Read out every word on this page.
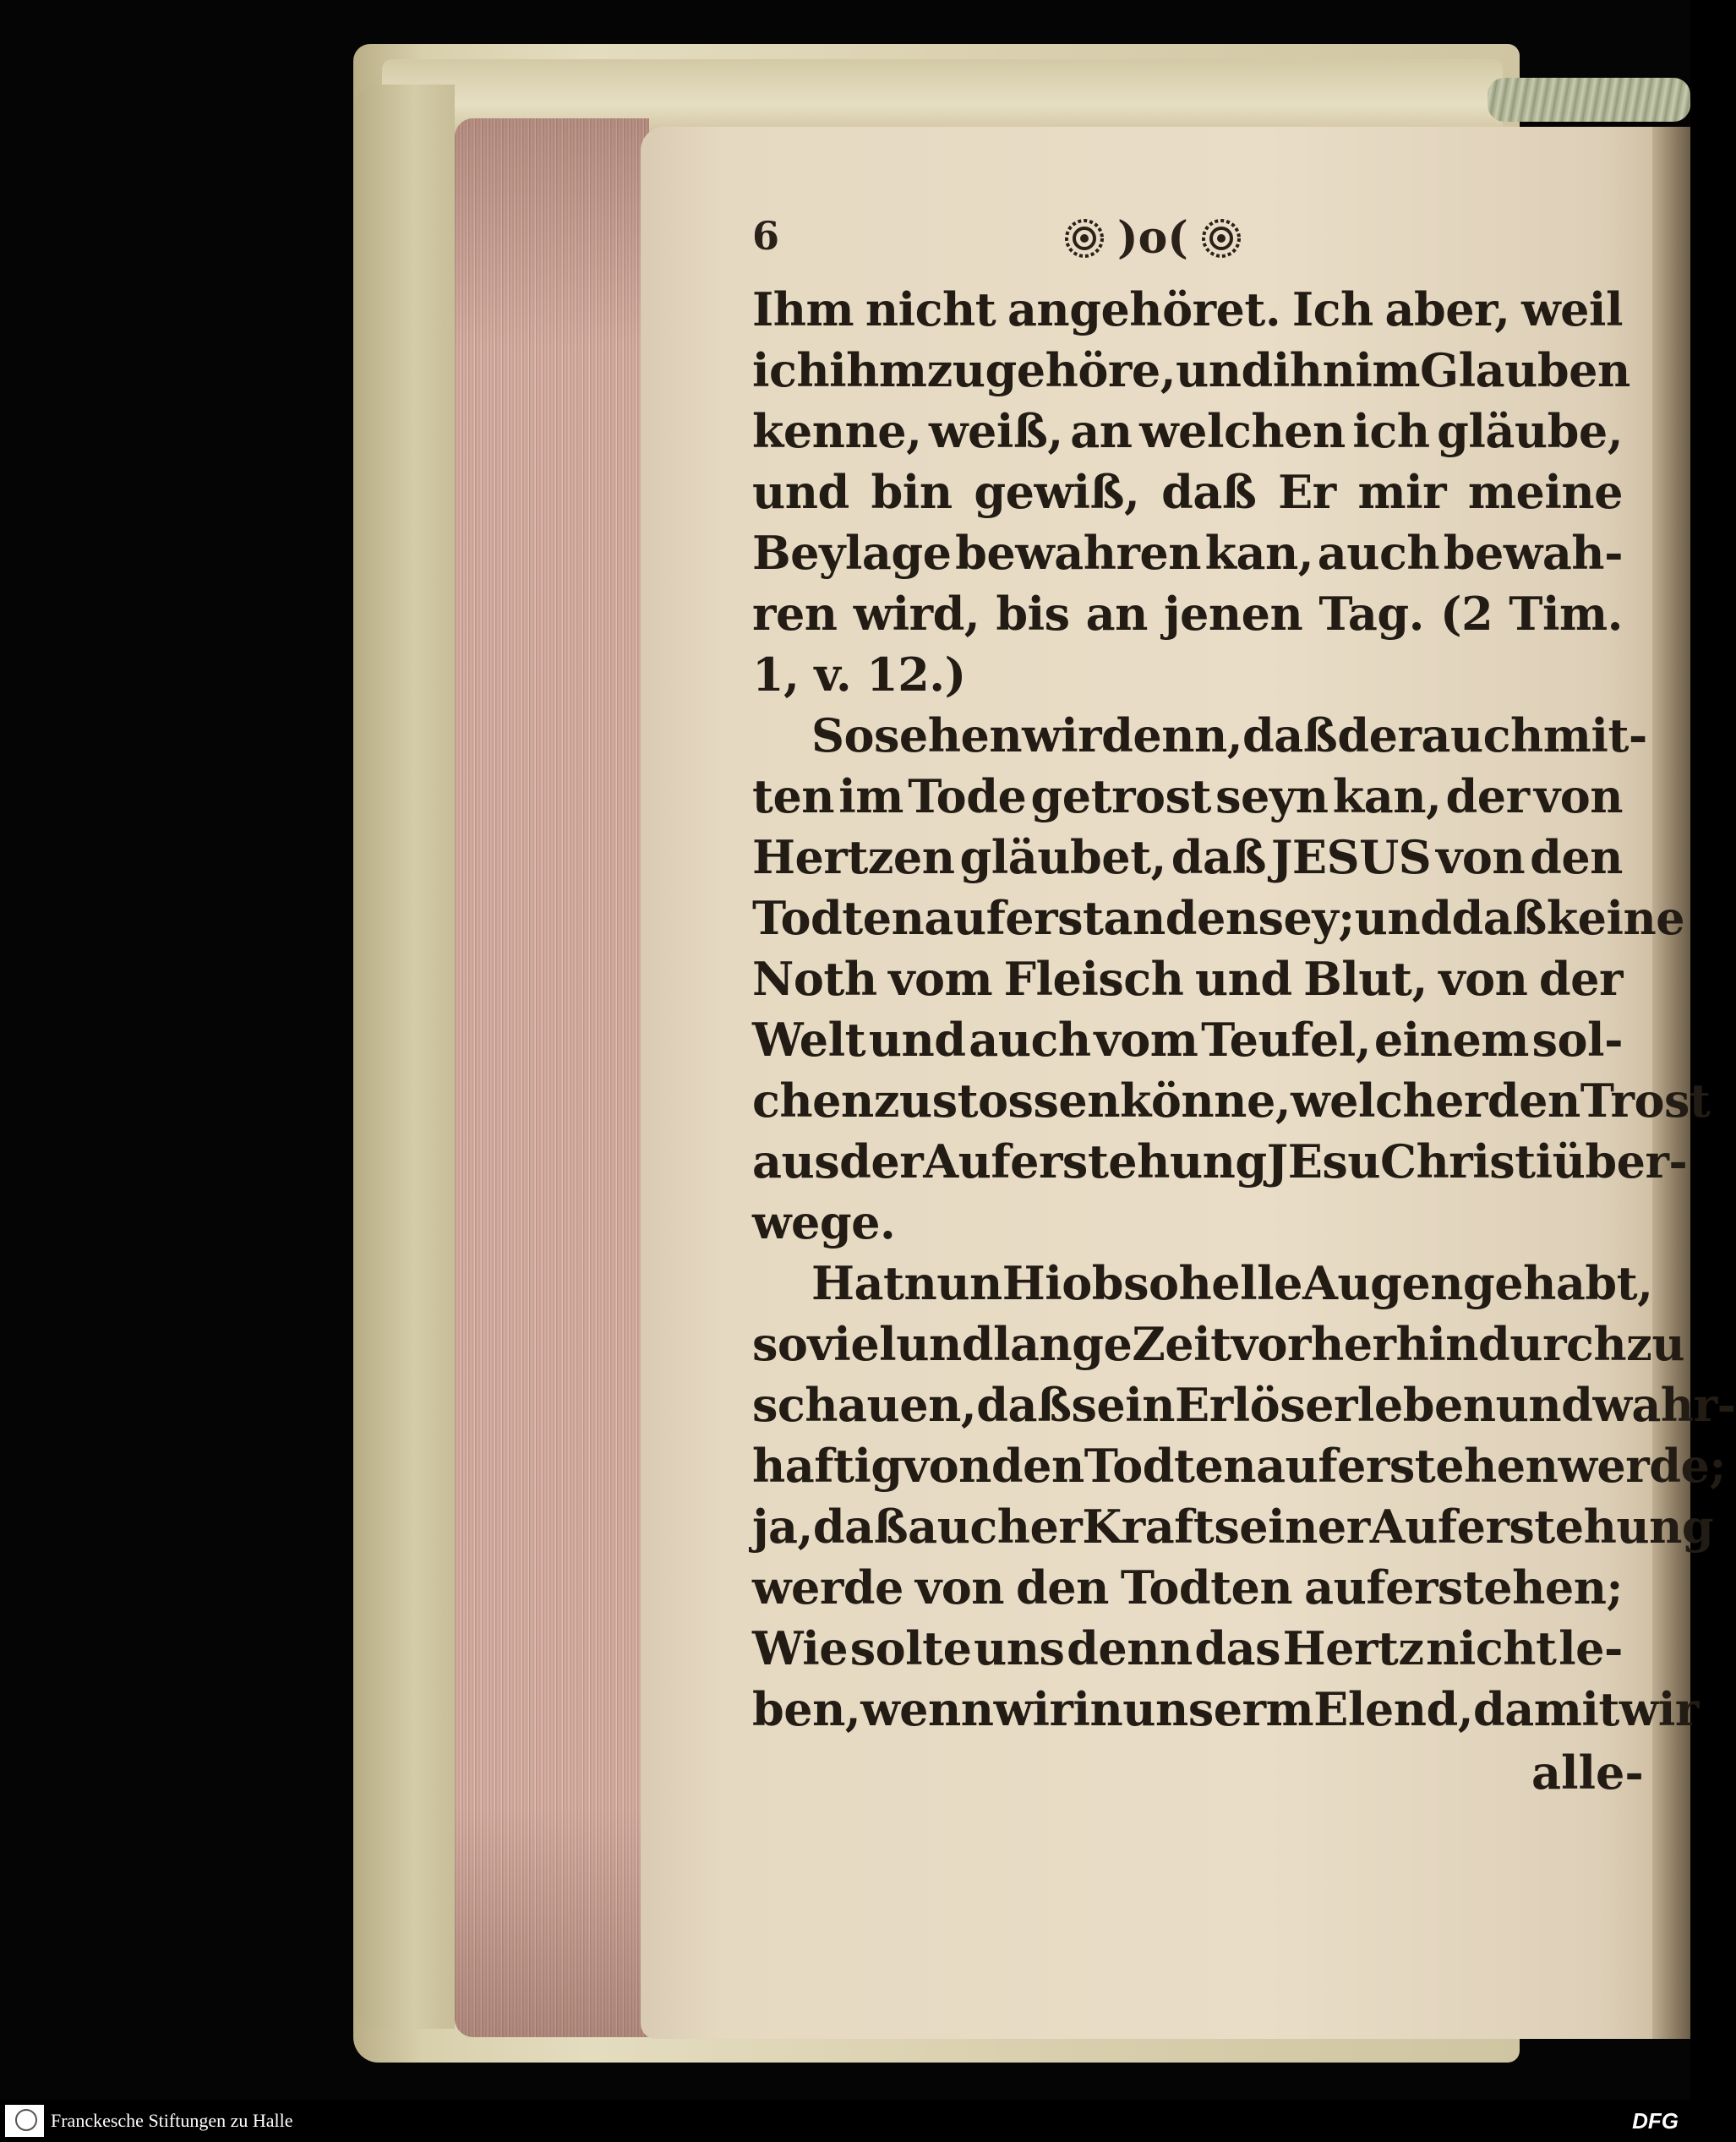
6	)o(
Ihm nicht angehöret. Ich aber, weil
ich ihm zugehöre, und ihn im Glauben
kenne, weiß, an welchen ich gläube,
und bin gewiß, daß Er mir meine
Beylage bewahren kan, auch bewah-
ren wird, bis an jenen Tag. (2 Tim.
1, v. 12.)
So sehen wir denn, daß der auch mit-
ten im Tode getrost seyn kan, der von
Hertzen gläubet, daß JESUS von den
Todten auferstanden sey; und daß keine
Noth vom Fleisch und Blut, von der
Welt und auch vom Teufel, einem sol-
chen zustossen könne, welcher den Trost
aus der Auferstehung JEsu Christi über-
wege.
Hat nun Hiob so helle Augen gehabt,
so viel und lange Zeit vorher hindurch zu
schauen, daß sein Erlöser leben und wahr-
haftig von den Todten auferstehen werde;
ja, daß auch er Kraft seiner Auferstehung
werde von den Todten auferstehen;
Wie solte uns denn das Hertz nicht le-
ben, wenn wir in unserm Elend, damit wir
alle-
Franckesche Stiftungen zu Halle	DFG
